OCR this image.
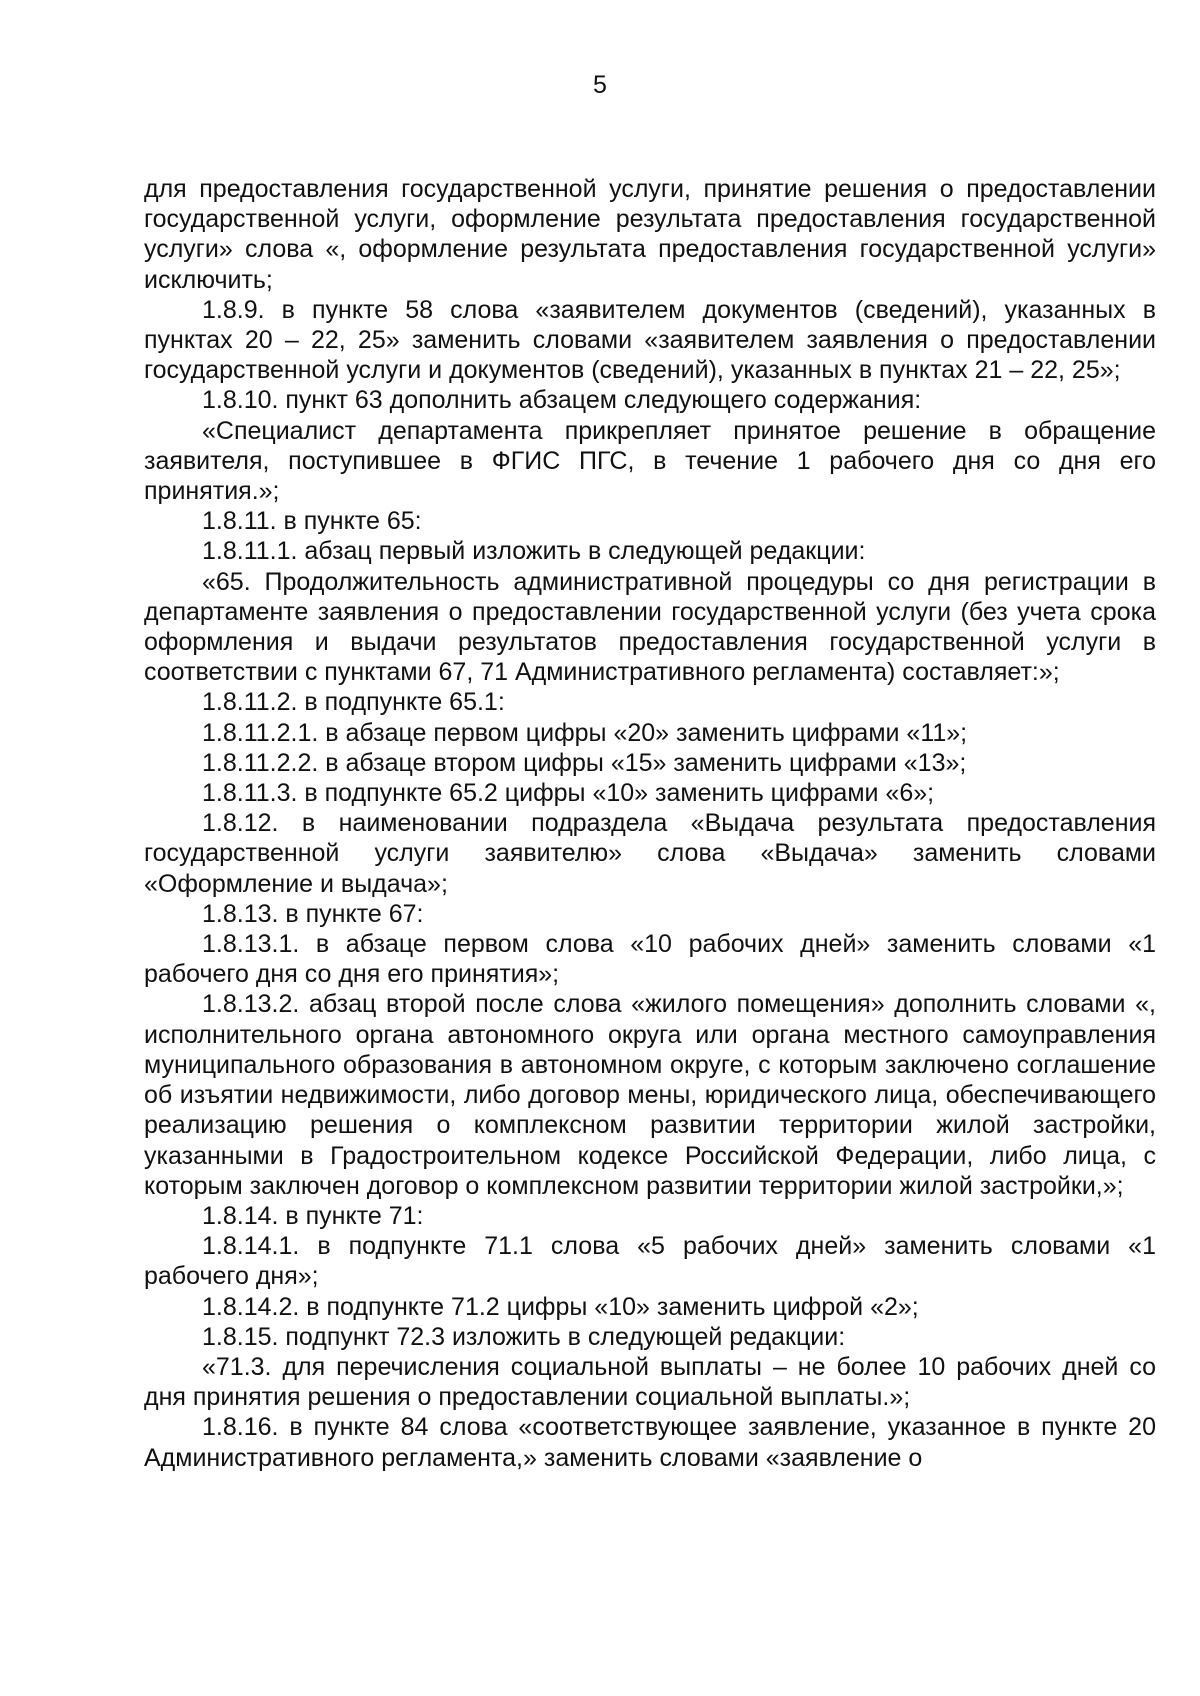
5

для предоставления государственной услуги, принятие решения о предоставлении государственной услуги, оформление результата предоставления государственной услуги» слова «, оформление результата предоставления государственной услуги» исключить;

1.8.9. в пункте 58 слова «заявителем документов (сведений), указанных в пунктах 20 – 22, 25» заменить словами «заявителем заявления о предоставлении государственной услуги и документов (сведений), указанных в пунктах 21 – 22, 25»;

1.8.10. пункт 63 дополнить абзацем следующего содержания:

«Специалист департамента прикрепляет принятое решение в обращение заявителя, поступившее в ФГИС ПГС, в течение 1 рабочего дня со дня его принятия.»;

1.8.11. в пункте 65:

1.8.11.1. абзац первый изложить в следующей редакции:

«65. Продолжительность административной процедуры со дня регистрации в департаменте заявления о предоставлении государственной услуги (без учета срока оформления и выдачи результатов предоставления государственной услуги в соответствии с пунктами 67, 71 Административного регламента) составляет:»;

1.8.11.2. в подпункте 65.1:

1.8.11.2.1. в абзаце первом цифры «20» заменить цифрами «11»;

1.8.11.2.2. в абзаце втором цифры «15» заменить цифрами «13»;

1.8.11.3. в подпункте 65.2 цифры «10» заменить цифрами «6»;

1.8.12. в наименовании подраздела «Выдача результата предоставления государственной услуги заявителю» слова «Выдача» заменить словами «Оформление и выдача»;

1.8.13. в пункте 67:

1.8.13.1. в абзаце первом слова «10 рабочих дней» заменить словами «1 рабочего дня со дня его принятия»;

1.8.13.2. абзац второй после слова «жилого помещения» дополнить словами «, исполнительного органа автономного округа или органа местного самоуправления муниципального образования в автономном округе, с которым заключено соглашение об изъятии недвижимости, либо договор мены, юридического лица, обеспечивающего реализацию решения о комплексном развитии территории жилой застройки, указанными в Градостроительном кодексе Российской Федерации, либо лица, с которым заключен договор о комплексном развитии территории жилой застройки,»;

1.8.14. в пункте 71:

1.8.14.1. в подпункте 71.1 слова «5 рабочих дней» заменить словами «1 рабочего дня»;

1.8.14.2. в подпункте 71.2 цифры «10» заменить цифрой «2»;

1.8.15. подпункт 72.3 изложить в следующей редакции:

«71.3. для перечисления социальной выплаты – не более 10 рабочих дней со дня принятия решения о предоставлении социальной выплаты.»;

1.8.16. в пункте 84 слова «соответствующее заявление, указанное в пункте 20 Административного регламента,» заменить словами «заявление о
